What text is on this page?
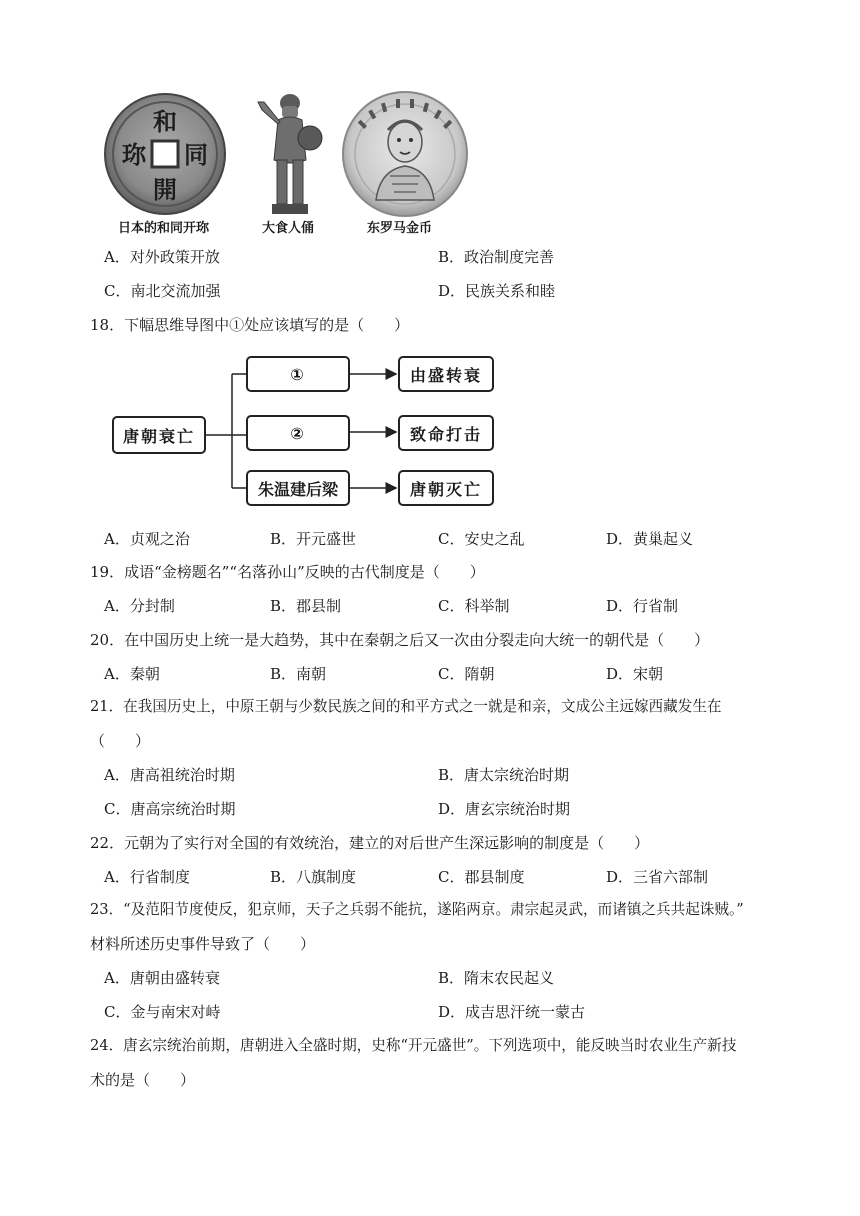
和
同
開
珎
日本的和同开珎	大食人俑	东罗马金币
A．对外政策开放	B．政治制度完善
C．南北交流加强	D．民族关系和睦
18．下幅思维导图中①处应该填写的是（　　）
唐朝衰亡
①
②
朱温建后梁
由盛转衰
致命打击
唐朝灭亡
A．贞观之治	B．开元盛世	C．安史之乱	D．黄巢起义
19．成语“金榜题名”“名落孙山”反映的古代制度是（　　）
A．分封制	B．郡县制	C．科举制	D．行省制
20．在中国历史上统一是大趋势，其中在秦朝之后又一次由分裂走向大统一的朝代是（　　）
A．秦朝	B．南朝	C．隋朝	D．宋朝
21．在我国历史上，中原王朝与少数民族之间的和平方式之一就是和亲，文成公主远嫁西藏发生在
（　　）
A．唐高祖统治时期	B．唐太宗统治时期
C．唐高宗统治时期	D．唐玄宗统治时期
22．元朝为了实行对全国的有效统治，建立的对后世产生深远影响的制度是（　　）
A．行省制度	B．八旗制度	C．郡县制度	D．三省六部制
23．“及范阳节度使反，犯京师，天子之兵弱不能抗，遂陷两京。肃宗起灵武，而诸镇之兵共起诛贼。”
材料所述历史事件导致了（　　）
A．唐朝由盛转衰	B．隋末农民起义
C．金与南宋对峙	D．成吉思汗统一蒙古
24．唐玄宗统治前期，唐朝进入全盛时期，史称“开元盛世”。下列选项中，能反映当时农业生产新技
术的是（　　）
